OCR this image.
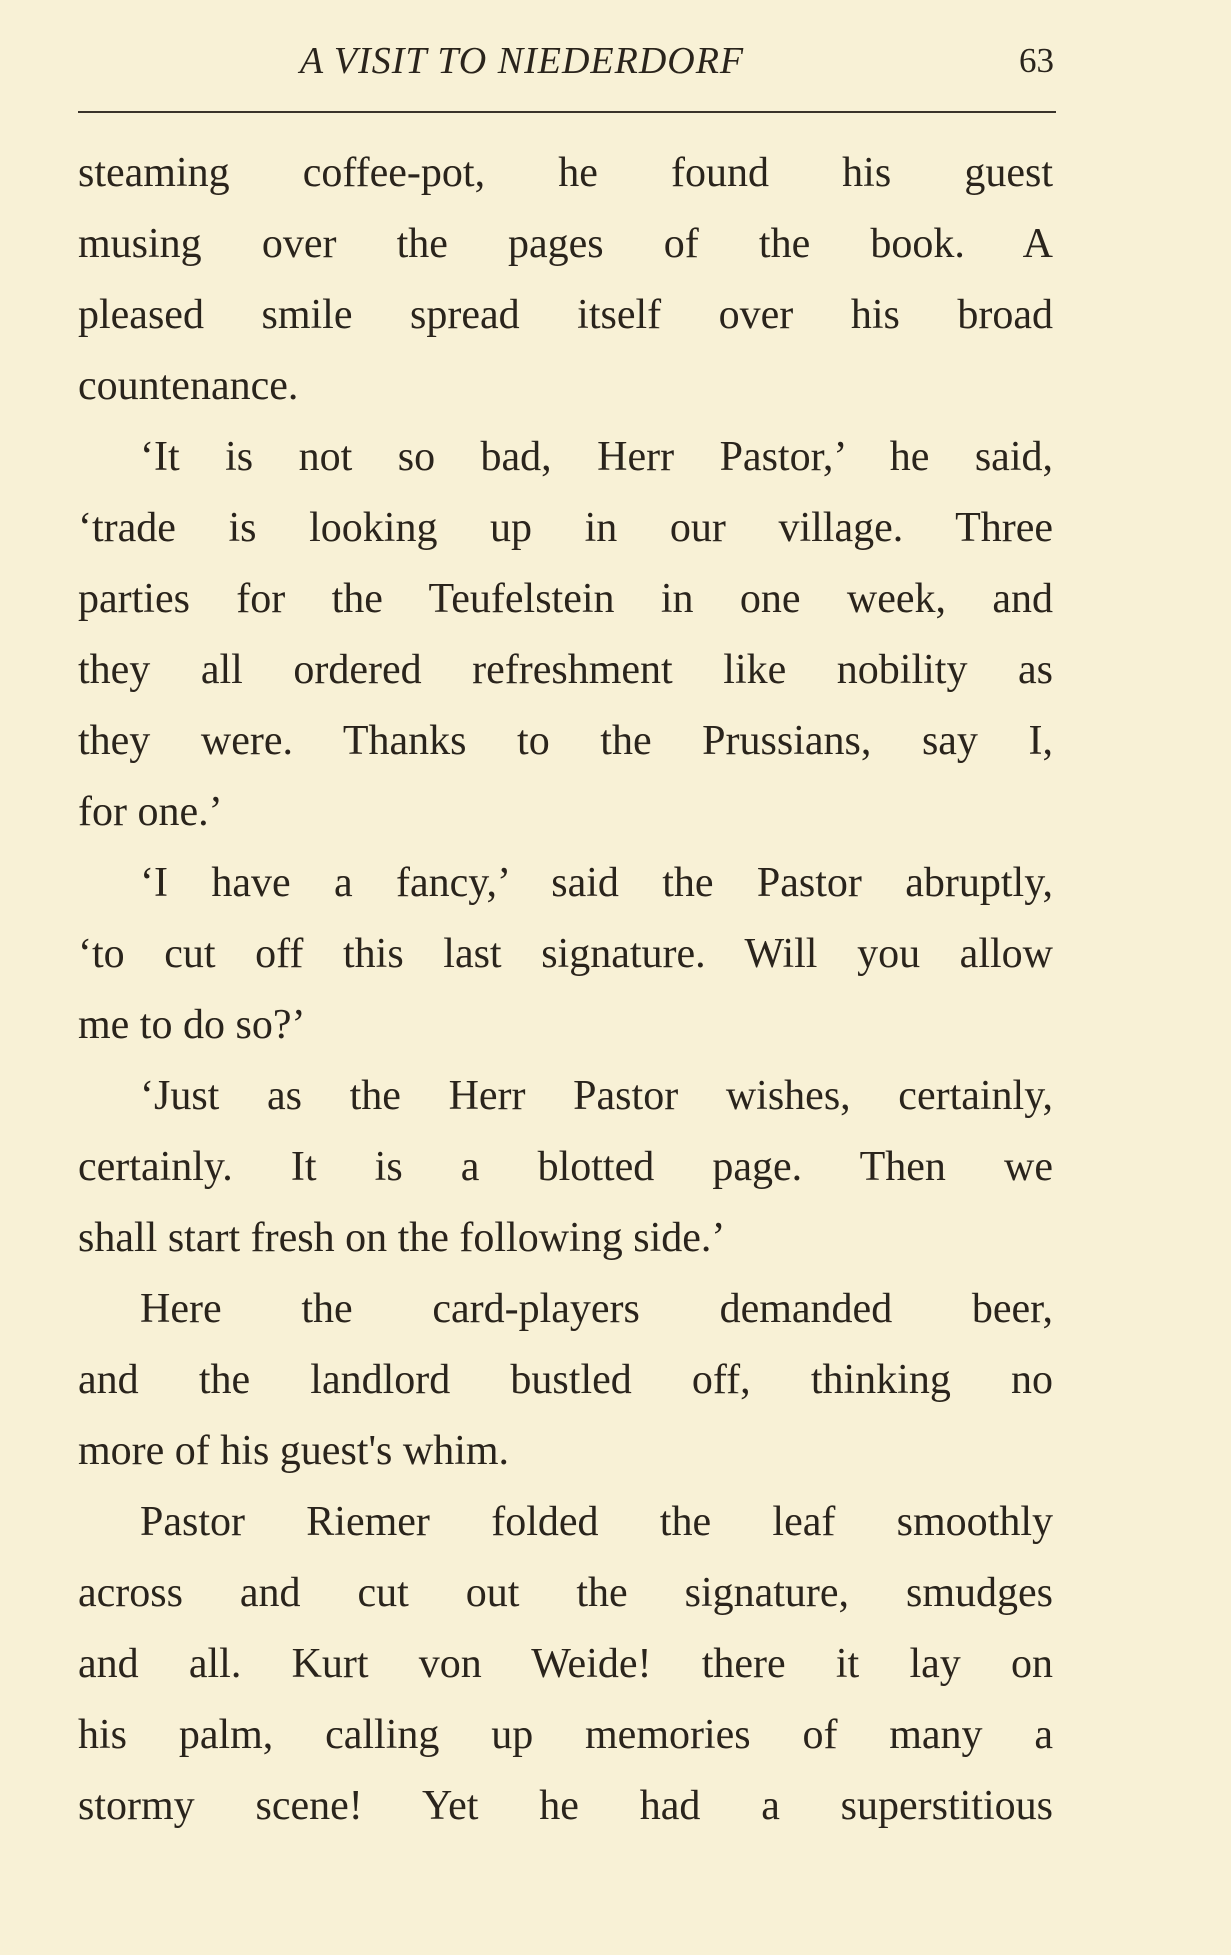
A VISIT TO NIEDERDORF	63
steaming coffee-pot, he found his guest
musing over the pages of the book. A
pleased smile spread itself over his broad
countenance.
‘It is not so bad, Herr Pastor,’ he said,
‘trade is looking up in our village. Three
parties for the Teufelstein in one week, and
they all ordered refreshment like nobility as
they were. Thanks to the Prussians, say I,
for one.’
‘I have a fancy,’ said the Pastor abruptly,
‘to cut off this last signature. Will you allow
me to do so?’
‘Just as the Herr Pastor wishes, certainly,
certainly. It is a blotted page. Then we
shall start fresh on the following side.’
Here the card-players demanded beer,
and the landlord bustled off, thinking no
more of his guest's whim.
Pastor Riemer folded the leaf smoothly
across and cut out the signature, smudges
and all. Kurt von Weide! there it lay on
his palm, calling up memories of many a
stormy scene! Yet he had a superstitious
